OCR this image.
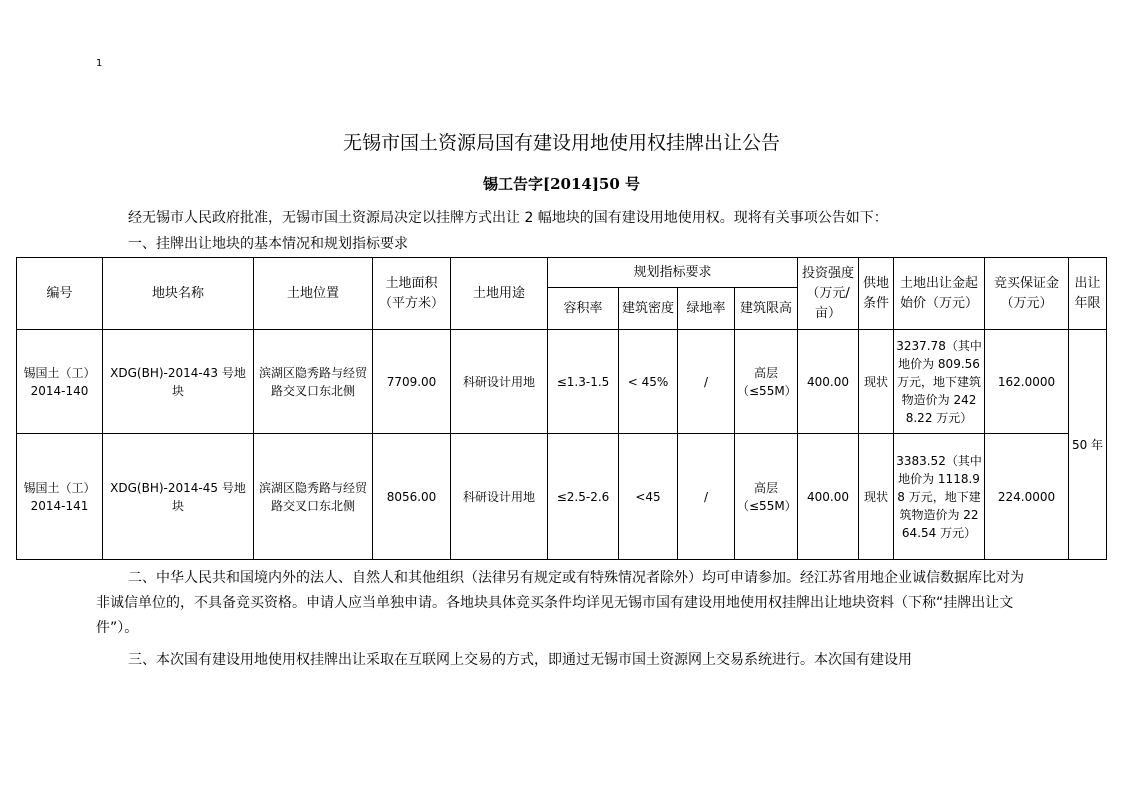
1
无锡市国土资源局国有建设用地使用权挂牌出让公告
锡工告字[2014]50 号
经无锡市人民政府批准，无锡市国土资源局决定以挂牌方式出让 2 幅地块的国有建设用地使用权。现将有关事项公告如下：
一、挂牌出让地块的基本情况和规划指标要求
编号	地块名称	土地位置	土地面积（平方米）	土地用途	规划指标要求				投资强度（万元/亩）	供地条件	土地出让金起始价（万元）	竞买保证金（万元）	出让年限
					容积率	建筑密度	绿地率	建筑限高					
锡国土（工）2014-140	XDG(BH)-2014-43 号地块	滨湖区隐秀路与经贸路交叉口东北侧	7709.00	科研设计用地	≤1.3-1.5	< 45%	/	高层（≤55M）	400.00	现状	3237.78（其中地价为 809.56 万元，地下建筑物造价为 2428.22 万元）	162.0000	50 年
锡国土（工）2014-141	XDG(BH)-2014-45 号地块	滨湖区隐秀路与经贸路交叉口东北侧	8056.00	科研设计用地	≤2.5-2.6	<45	/	高层（≤55M）	400.00	现状	3383.52（其中地价为 1118.98 万元，地下建筑物造价为 2264.54 万元）	224.0000	
二、中华人民共和国境内外的法人、自然人和其他组织（法律另有规定或有特殊情况者除外）均可申请参加。经江苏省用地企业诚信数据库比对为非诚信单位的，不具备竞买资格。申请人应当单独申请。各地块具体竞买条件均详见无锡市国有建设用地使用权挂牌出让地块资料（下称“挂牌出让文件”）。
三、本次国有建设用地使用权挂牌出让采取在互联网上交易的方式，即通过无锡市国土资源网上交易系统进行。本次国有建设用
